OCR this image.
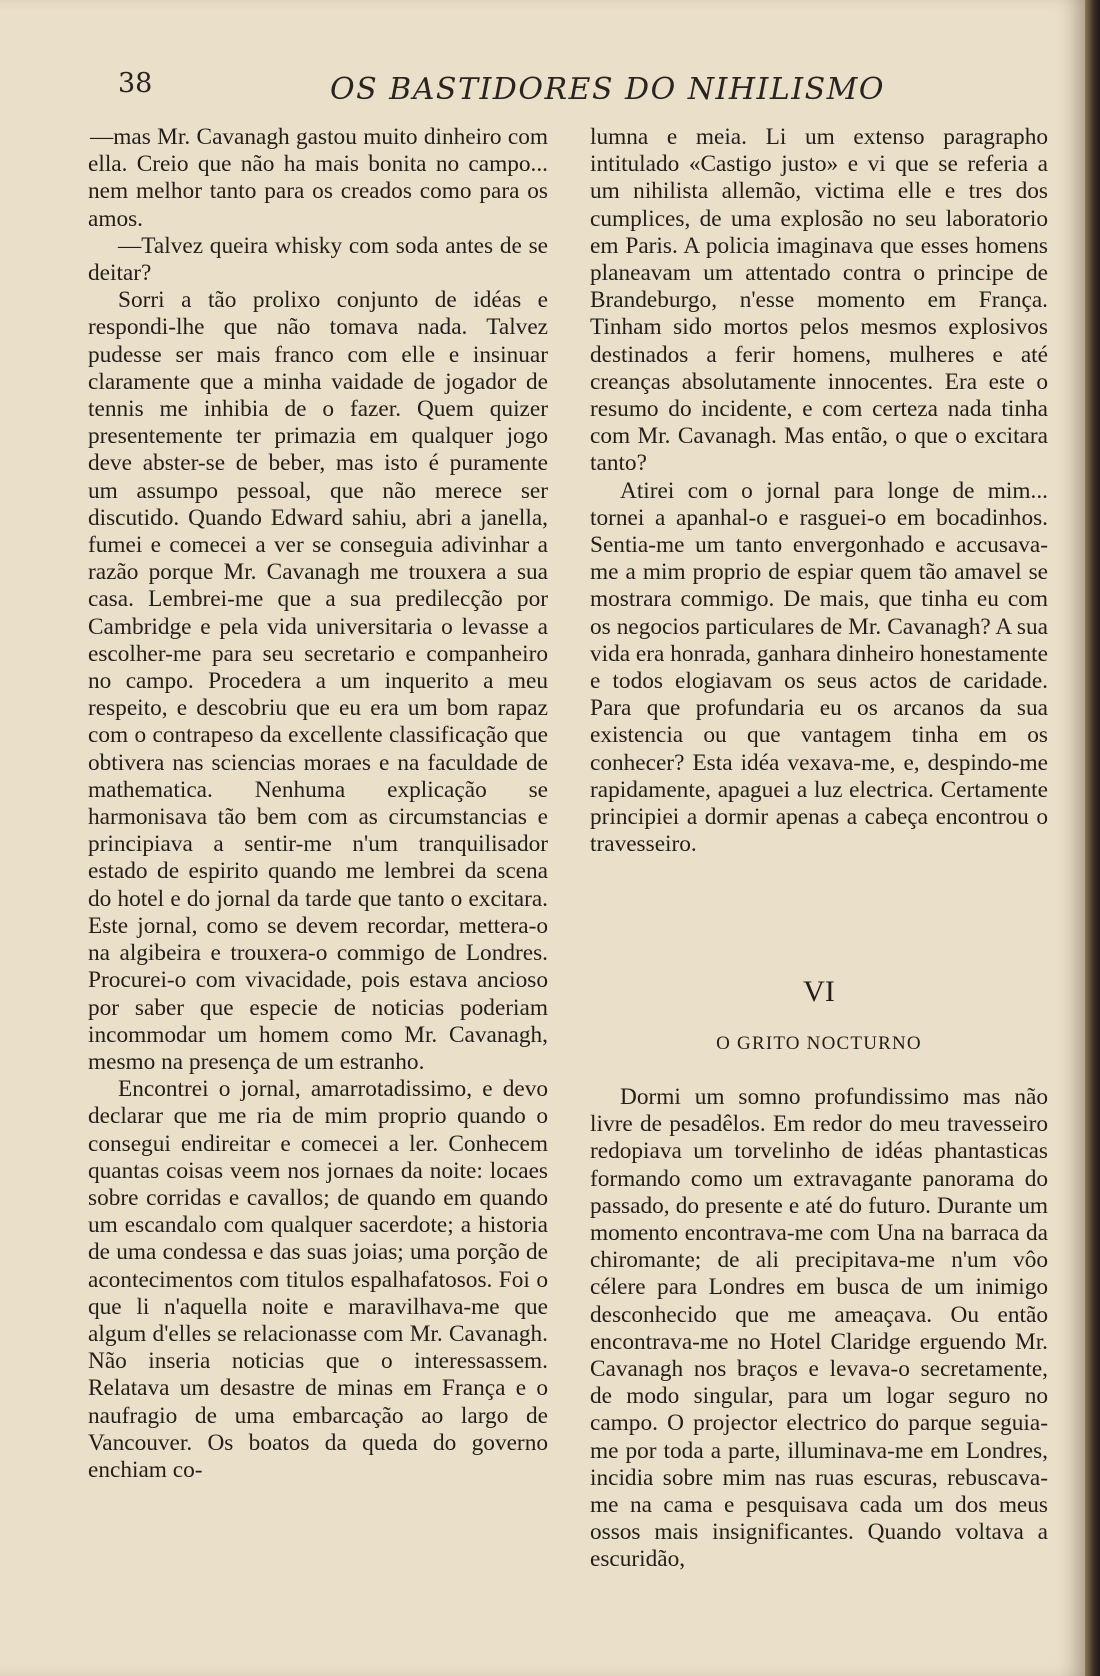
38	OS BASTIDORES DO NIHILISMO

—mas Mr. Cavanagh gastou muito dinheiro com ella. Creio que não ha mais bonita no campo... nem melhor tanto para os creados como para os amos.

—Talvez queira whisky com soda antes de se deitar?

Sorri a tão prolixo conjunto de idéas e respondi-lhe que não tomava nada. Talvez pudesse ser mais franco com elle e insinuar claramente que a minha vaidade de jogador de tennis me inhibia de o fazer. Quem quizer presentemente ter primazia em qualquer jogo deve abster-se de beber, mas isto é puramente um assumpo pessoal, que não merece ser discutido. Quando Edward sahiu, abri a janella, fumei e comecei a ver se conseguia adivinhar a razão porque Mr. Cavanagh me trouxera a sua casa. Lembrei-me que a sua predilecção por Cambridge e pela vida universitaria o levasse a escolher-me para seu secretario e companheiro no campo. Procedera a um inquerito a meu respeito, e descobriu que eu era um bom rapaz com o contrapeso da excellente classificação que obtivera nas sciencias moraes e na faculdade de mathematica. Nenhuma explicação se harmonisava tão bem com as circumstancias e principiava a sentir-me n'um tranquilisador estado de espirito quando me lembrei da scena do hotel e do jornal da tarde que tanto o excitara. Este jornal, como se devem recordar, mettera-o na algibeira e trouxera-o commigo de Londres. Procurei-o com vivacidade, pois estava ancioso por saber que especie de noticias poderiam incommodar um homem como Mr. Cavanagh, mesmo na presença de um estranho.

Encontrei o jornal, amarrotadissimo, e devo declarar que me ria de mim proprio quando o consegui endireitar e comecei a ler. Conhecem quantas coisas veem nos jornaes da noite: locaes sobre corridas e cavallos; de quando em quando um escandalo com qualquer sacerdote; a historia de uma condessa e das suas joias; uma porção de acontecimentos com titulos espalhafatosos. Foi o que li n'aquella noite e maravilhava-me que algum d'elles se relacionasse com Mr. Cavanagh. Não inseria noticias que o interessassem. Relatava um desastre de minas em França e o naufragio de uma embarcação ao largo de Vancouver. Os boatos da queda do governo enchiam co-

lumna e meia. Li um extenso paragrapho intitulado «Castigo justo» e vi que se referia a um nihilista allemão, victima elle e tres dos cumplices, de uma explosão no seu laboratorio em Paris. A policia imaginava que esses homens planeavam um attentado contra o principe de Brandeburgo, n'esse momento em França. Tinham sido mortos pelos mesmos explosivos destinados a ferir homens, mulheres e até creanças absolutamente innocentes. Era este o resumo do incidente, e com certeza nada tinha com Mr. Cavanagh. Mas então, o que o excitara tanto?

Atirei com o jornal para longe de mim... tornei a apanhal-o e rasguei-o em bocadinhos. Sentia-me um tanto envergonhado e accusava-me a mim proprio de espiar quem tão amavel se mostrara commigo. De mais, que tinha eu com os negocios particulares de Mr. Cavanagh? A sua vida era honrada, ganhara dinheiro honestamente e todos elogiavam os seus actos de caridade. Para que profundaria eu os arcanos da sua existencia ou que vantagem tinha em os conhecer? Esta idéa vexava-me, e, despindo-me rapidamente, apaguei a luz electrica. Certamente principiei a dormir apenas a cabeça encontrou o travesseiro.

VI
O GRITO NOCTURNO

Dormi um somno profundissimo mas não livre de pesadêlos. Em redor do meu travesseiro redopiava um torvelinho de idéas phantasticas formando como um extravagante panorama do passado, do presente e até do futuro. Durante um momento encontrava-me com Una na barraca da chiromante; de ali precipitava-me n'um vôo célere para Londres em busca de um inimigo desconhecido que me ameaçava. Ou então encontrava-me no Hotel Claridge erguendo Mr. Cavanagh nos braços e levava-o secretamente, de modo singular, para um logar seguro no campo. O projector electrico do parque seguia-me por toda a parte, illuminava-me em Londres, incidia sobre mim nas ruas escuras, rebuscava-me na cama e pesquisava cada um dos meus ossos mais insignificantes. Quando voltava a escuridão,
